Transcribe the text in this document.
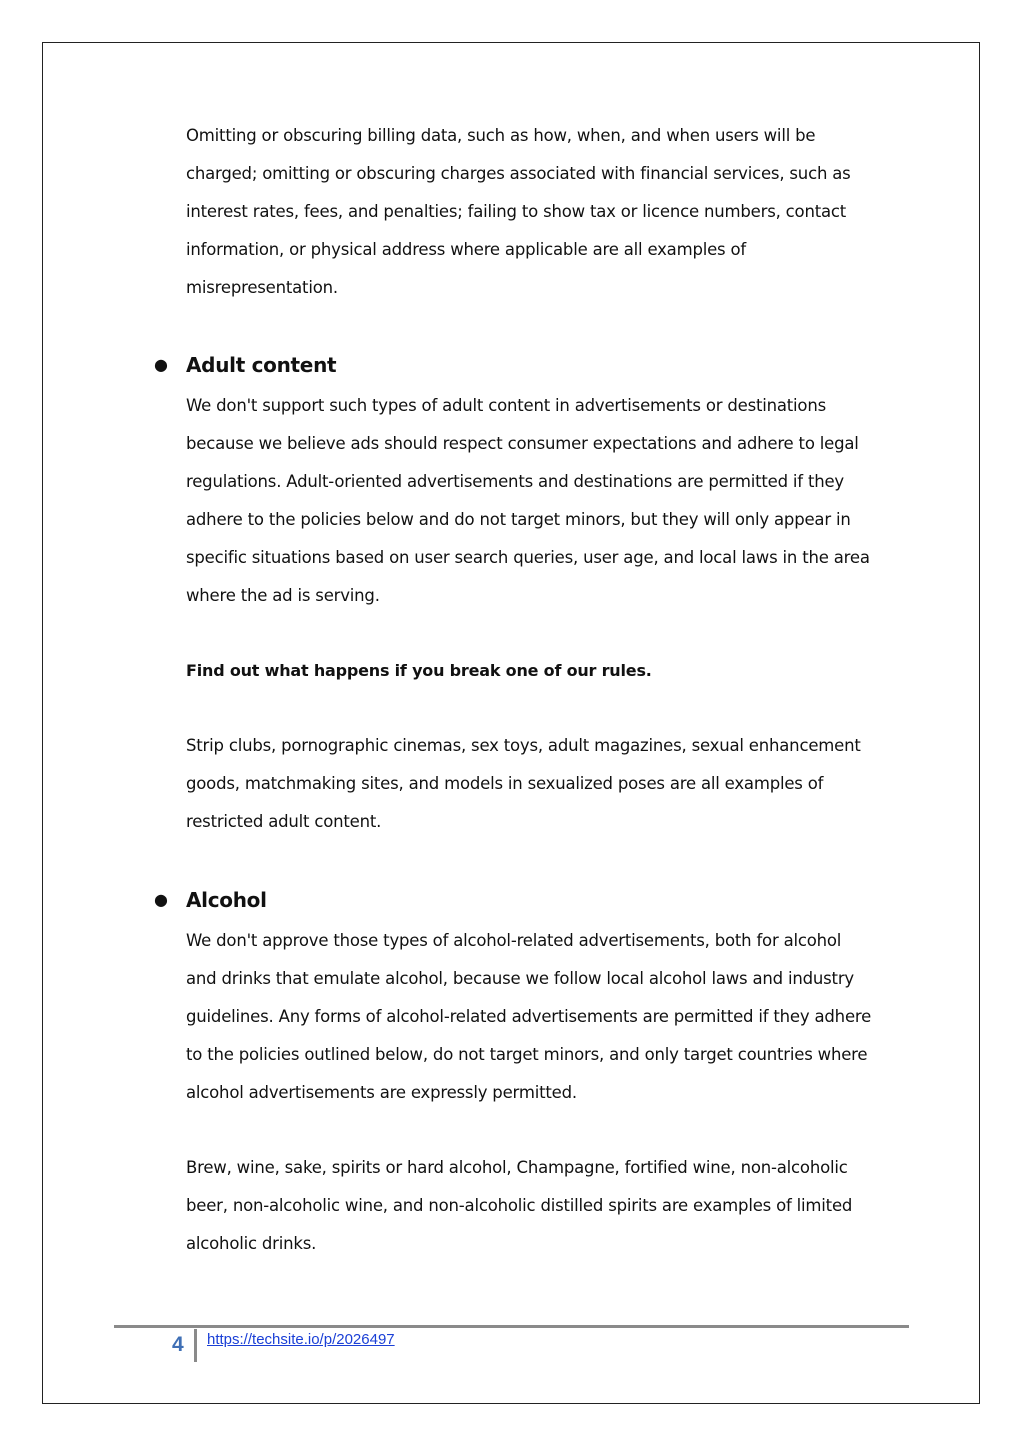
Omitting or obscuring billing data, such as how, when, and when users will be

charged; omitting or obscuring charges associated with financial services, such as

interest rates, fees, and penalties; failing to show tax or licence numbers, contact

information, or physical address where applicable are all examples of

misrepresentation.

● Adult content

We don't support such types of adult content in advertisements or destinations

because we believe ads should respect consumer expectations and adhere to legal

regulations. Adult-oriented advertisements and destinations are permitted if they

adhere to the policies below and do not target minors, but they will only appear in

specific situations based on user search queries, user age, and local laws in the area

where the ad is serving.

Find out what happens if you break one of our rules.

Strip clubs, pornographic cinemas, sex toys, adult magazines, sexual enhancement

goods, matchmaking sites, and models in sexualized poses are all examples of

restricted adult content.

● Alcohol

We don't approve those types of alcohol-related advertisements, both for alcohol

and drinks that emulate alcohol, because we follow local alcohol laws and industry

guidelines. Any forms of alcohol-related advertisements are permitted if they adhere

to the policies outlined below, do not target minors, and only target countries where

alcohol advertisements are expressly permitted.

Brew, wine, sake, spirits or hard alcohol, Champagne, fortified wine, non-alcoholic

beer, non-alcoholic wine, and non-alcoholic distilled spirits are examples of limited

alcoholic drinks.

4 https://techsite.io/p/2026497
